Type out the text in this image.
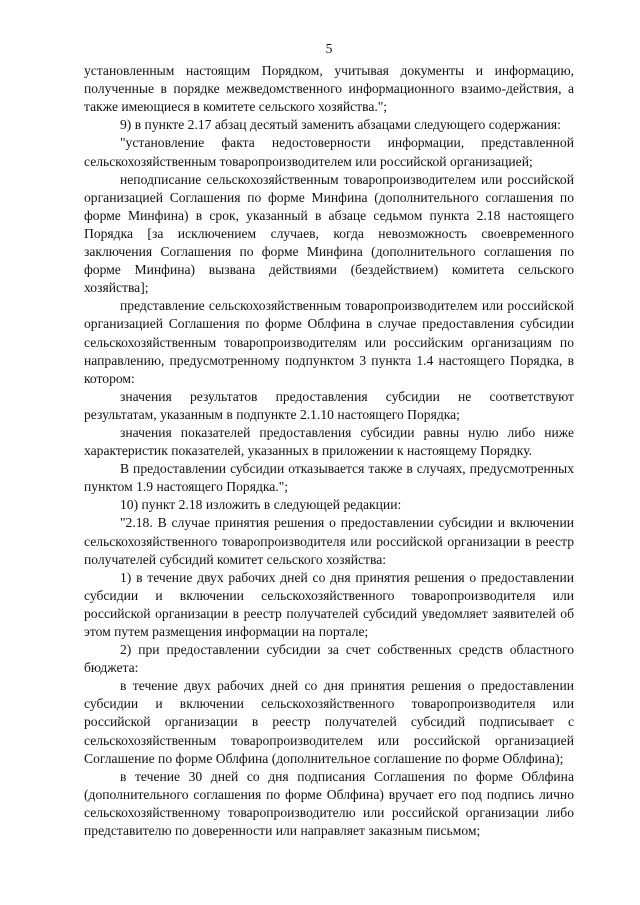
5

установленным настоящим Порядком, учитывая документы и информацию, полученные в порядке межведомственного информационного взаимо-действия, а также имеющиеся в комитете сельского хозяйства.";

9) в пункте 2.17 абзац десятый заменить абзацами следующего содержания:

"установление факта недостоверности информации, представленной сельскохозяйственным товаропроизводителем или российской организацией;

неподписание сельскохозяйственным товаропроизводителем или российской организацией Соглашения по форме Минфина (дополнительного соглашения по форме Минфина) в срок, указанный в абзаце седьмом пункта 2.18 настоящего Порядка [за исключением случаев, когда невозможность своевременного заключения Соглашения по форме Минфина (дополнительного соглашения по форме Минфина) вызвана действиями (бездействием) комитета сельского хозяйства];

представление сельскохозяйственным товаропроизводителем или российской организацией Соглашения по форме Облфина в случае предоставления субсидии сельскохозяйственным товаропроизводителям или российским организациям по направлению, предусмотренному подпунктом 3 пункта 1.4 настоящего Порядка, в котором:

значения результатов предоставления субсидии не соответствуют результатам, указанным в подпункте 2.1.10 настоящего Порядка;

значения показателей предоставления субсидии равны нулю либо ниже характеристик показателей, указанных в приложении к настоящему Порядку.

В предоставлении субсидии отказывается также в случаях, предусмотренных пунктом 1.9 настоящего Порядка.";

10) пункт 2.18 изложить в следующей редакции:

"2.18. В случае принятия решения о предоставлении субсидии и включении сельскохозяйственного товаропроизводителя или российской организации в реестр получателей субсидий комитет сельского хозяйства:

1) в течение двух рабочих дней со дня принятия решения о предоставлении субсидии и включении сельскохозяйственного товаропроизводителя или российской организации в реестр получателей субсидий уведомляет заявителей об этом путем размещения информации на портале;

2) при предоставлении субсидии за счет собственных средств областного бюджета:

в течение двух рабочих дней со дня принятия решения о предоставлении субсидии и включении сельскохозяйственного товаропроизводителя или российской организации в реестр получателей субсидий подписывает с сельскохозяйственным товаропроизводителем или российской организацией Соглашение по форме Облфина (дополнительное соглашение по форме Облфина);

в течение 30 дней со дня подписания Соглашения по форме Облфина (дополнительного соглашения по форме Облфина) вручает его под подпись лично сельскохозяйственному товаропроизводителю или российской организации либо представителю по доверенности или направляет заказным письмом;
